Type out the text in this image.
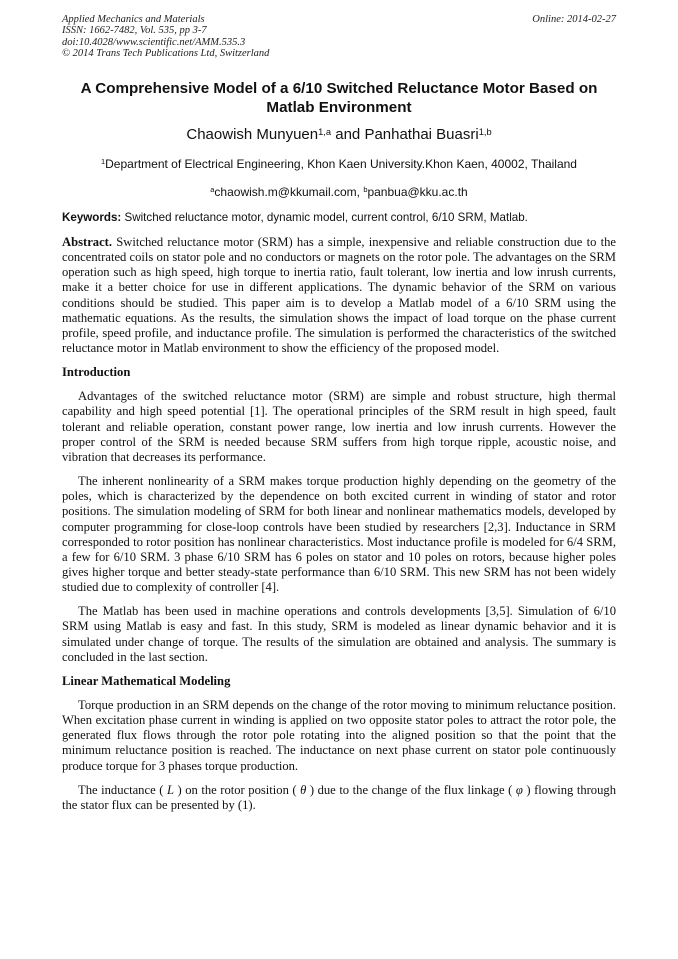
Applied Mechanics and Materials
ISSN: 1662-7482, Vol. 535, pp 3-7
doi:10.4028/www.scientific.net/AMM.535.3
© 2014 Trans Tech Publications Ltd, Switzerland
Online: 2014-02-27
A Comprehensive Model of a 6/10 Switched Reluctance Motor Based on Matlab Environment
Chaowish Munyuen$^{1,a}$ and Panhathai Buasri$^{1,b}$
$^1$Department of Electrical Engineering, Khon Kaen University.Khon Kaen, 40002, Thailand
$^a$chaowish.m@kkumail.com, $^b$panbua@kku.ac.th
Keywords: Switched reluctance motor, dynamic model, current control, 6/10 SRM, Matlab.

Abstract. Switched reluctance motor (SRM) has a simple, inexpensive and reliable construction due to the concentrated coils on stator pole and no conductors or magnets on the rotor pole. The advantages on the SRM operation such as high speed, high torque to inertia ratio, fault tolerant, low inertia and low inrush currents, make it a better choice for use in different applications. The dynamic behavior of the SRM on various conditions should be studied. This paper aim is to develop a Matlab model of a 6/10 SRM using the mathematic equations. As the results, the simulation shows the impact of load torque on the phase current profile, speed profile, and inductance profile. The simulation is performed the characteristics of the switched reluctance motor in Matlab environment to show the efficiency of the proposed model.

Introduction

Advantages of the switched reluctance motor (SRM) are simple and robust structure, high thermal capability and high speed potential [1]. The operational principles of the SRM result in high speed, fault tolerant and reliable operation, constant power range, low inertia and low inrush currents. However the proper control of the SRM is needed because SRM suffers from high torque ripple, acoustic noise, and vibration that decreases its performance.

The inherent nonlinearity of a SRM makes torque production highly depending on the geometry of the poles, which is characterized by the dependence on both excited current in winding of stator and rotor positions. The simulation modeling of SRM for both linear and nonlinear mathematics models, developed by computer programming for close-loop controls have been studied by researchers [2,3]. Inductance in SRM corresponded to rotor position has nonlinear characteristics. Most inductance profile is modeled for 6/4 SRM, a few for 6/10 SRM. 3 phase 6/10 SRM has 6 poles on stator and 10 poles on rotors, because higher poles gives higher torque and better steady-state performance than 6/10 SRM. This new SRM has not been widely studied due to complexity of controller [4].

The Matlab has been used in machine operations and controls developments [3,5]. Simulation of 6/10 SRM using Matlab is easy and fast. In this study, SRM is modeled as linear dynamic behavior and it is simulated under change of torque. The results of the simulation are obtained and analysis. The summary is concluded in the last section.

Linear Mathematical Modeling

Torque production in an SRM depends on the change of the rotor moving to minimum reluctance position. When excitation phase current in winding is applied on two opposite stator poles to attract the rotor pole, the generated flux flows through the rotor pole rotating into the aligned position so that the point that the minimum reluctance position is reached. The inductance on next phase current on stator pole continuously produce torque for 3 phases torque production.

The inductance ( L ) on the rotor position ( θ ) due to the change of the flux linkage ( φ ) flowing through the stator flux can be presented by (1).
